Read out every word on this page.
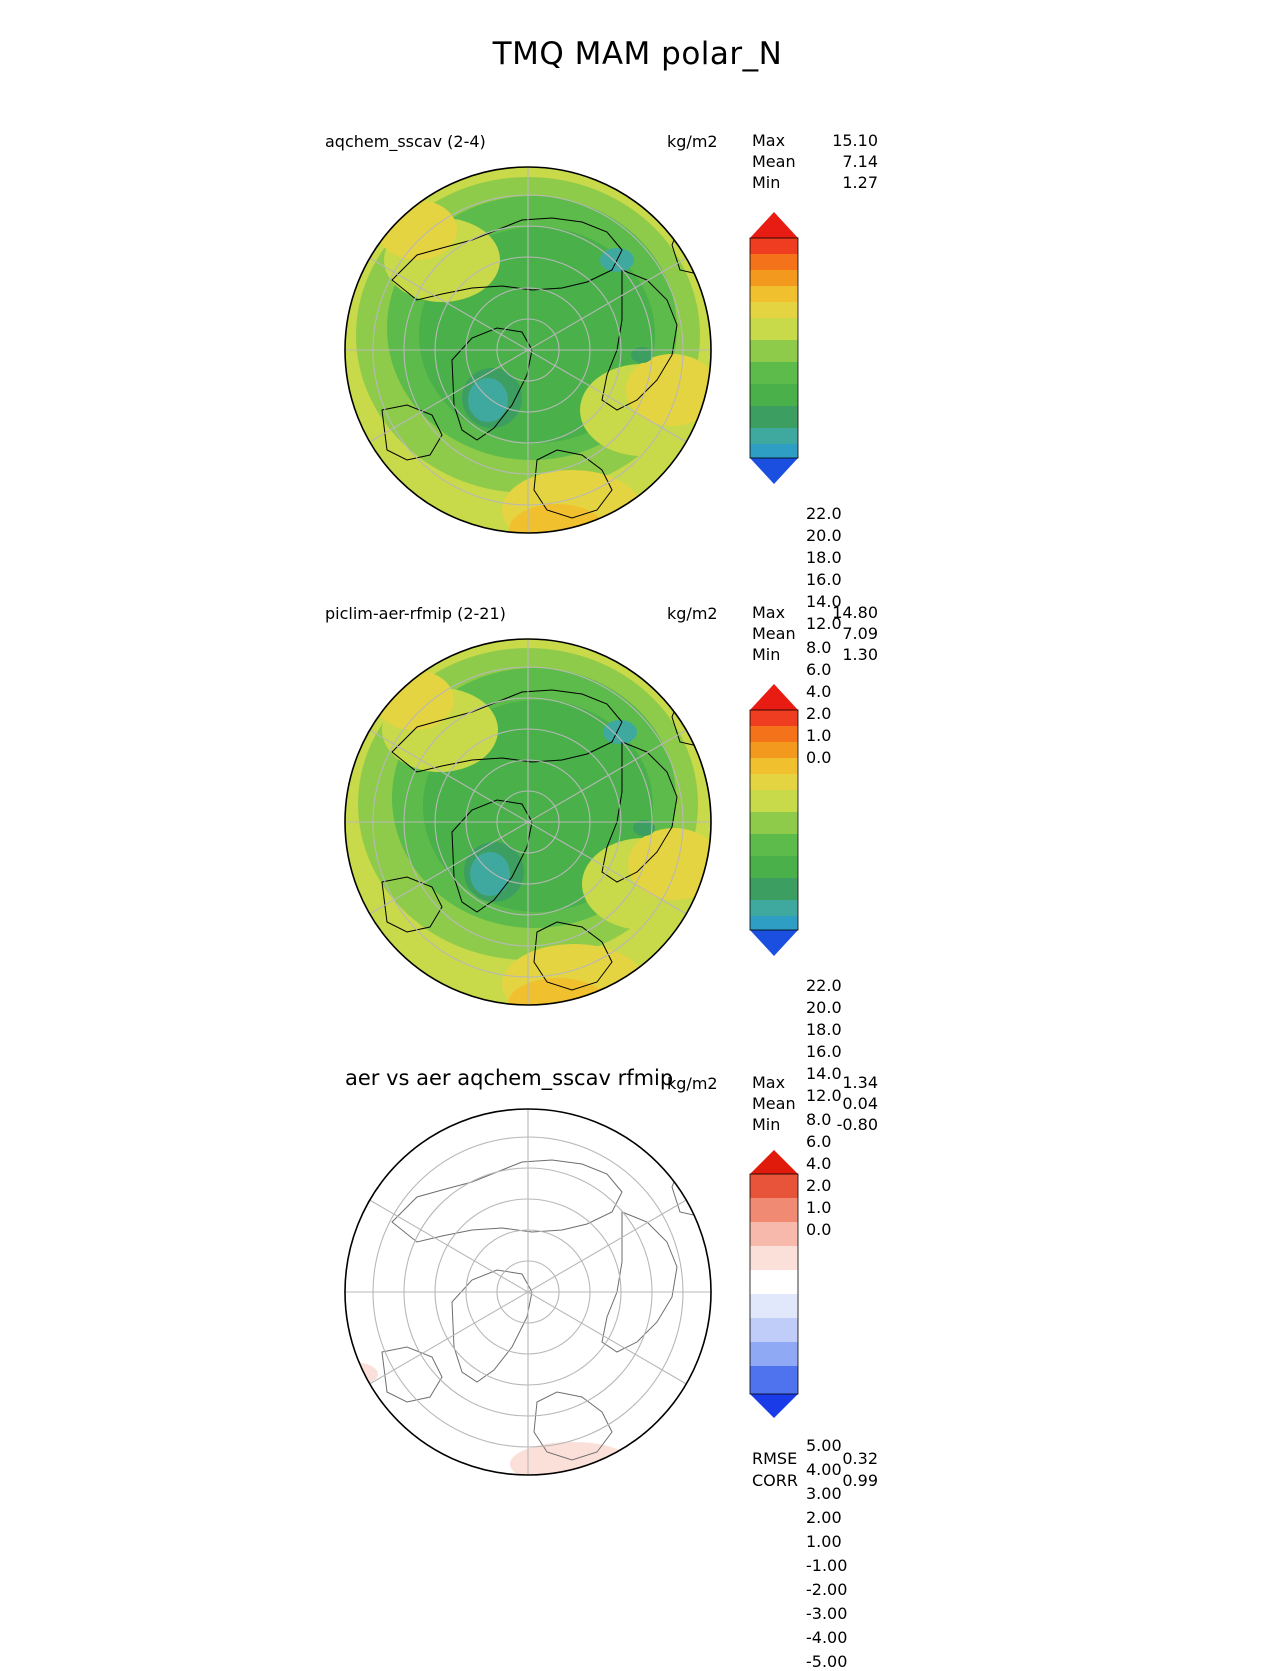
TMQ MAM polar_N
aqchem_sscav (2-4)	kg/m2 Max	15.10
Mean	7.14
Min	1.27
22.0
20.0
18.0
16.0
14.0
12.0
8.0
6.0
4.0
2.0
1.0
0.0
piclim-aer-rfmip (2-21)	kg/m2 Max	14.80
Mean	7.09
Min	1.30
22.0
20.0
18.0
16.0
14.0
12.0
8.0
6.0
4.0
2.0
1.0
0.0
aer vs aer aqchem_sscav rfmip
kg/m2 Max	1.34
Mean	0.04
Min	-0.80
5.00
4.00
3.00
2.00
1.00
-1.00
-2.00
-3.00
-4.00
-5.00
RMSE	0.32
CORR	0.99
